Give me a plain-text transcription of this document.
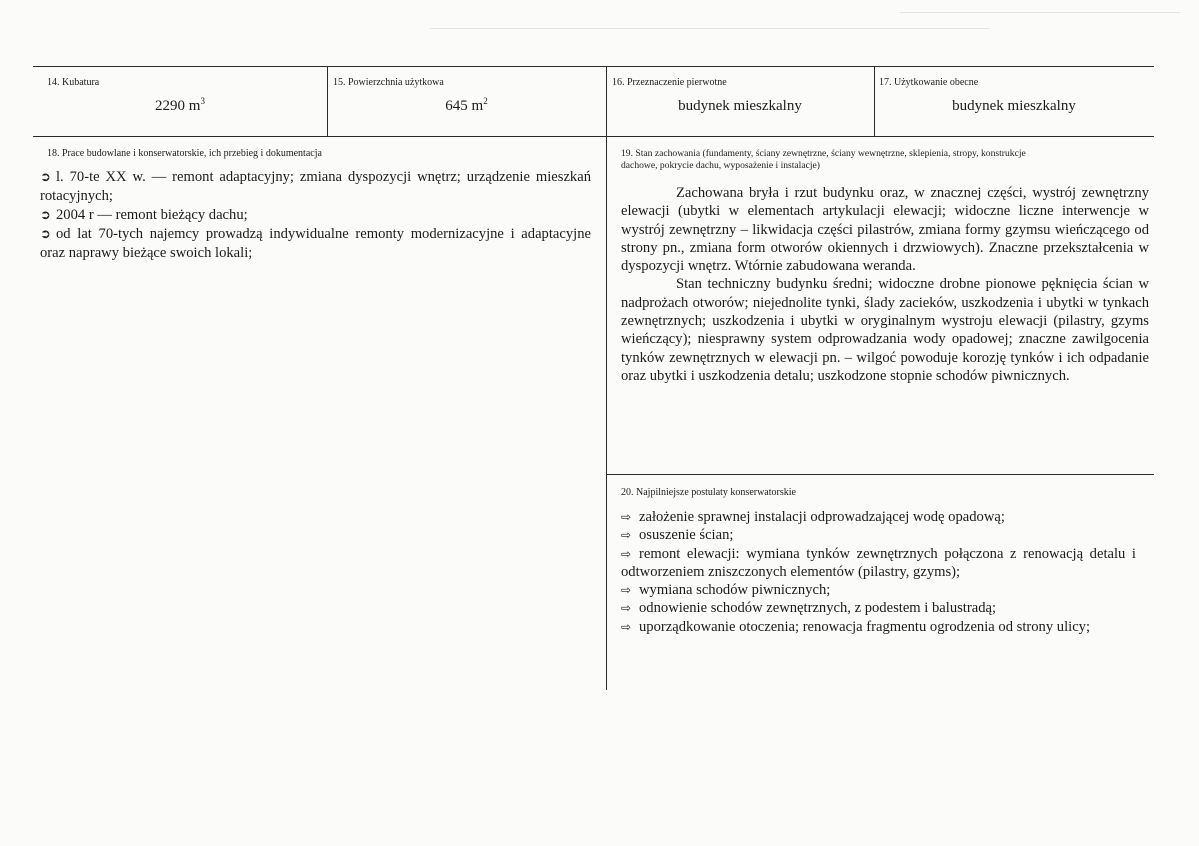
14. Kubatura
2290 $m^3$
15. Powierzchnia użytkowa
645 $m^2$
16. Przeznaczenie pierwotne
budynek mieszkalny
17. Użytkowanie obecne
budynek mieszkalny
18. Prace budowlane i konserwatorskie, ich przebieg i dokumentacja

➲ l. 70-te XX w. — remont adaptacyjny; zmiana dyspozycji wnętrz; urządzenie mieszkań rotacyjnych;

➲ 2004 r — remont bieżący dachu;

➲ od lat 70-tych najemcy prowadzą indywidualne remonty modernizacyjne i adaptacyjne oraz naprawy bieżące swoich lokali;

19. Stan zachowania (fundamenty, ściany zewnętrzne, ściany wewnętrzne, sklepienia, stropy, konstrukcje
dachowe, pokrycie dachu, wyposażenie i instalacje)

Zachowana bryła i rzut budynku oraz, w znacznej części, wystrój zewnętrzny elewacji (ubytki w elementach artykulacji elewacji; widoczne liczne interwencje w wystrój zewnętrzny – likwidacja części pilastrów, zmiana formy gzymsu wieńczącego od strony pn., zmiana form otworów okiennych i drzwiowych). Znaczne przekształcenia w dyspozycji wnętrz. Wtórnie zabudowana weranda.

Stan techniczny budynku średni; widoczne drobne pionowe pęknięcia ścian w nadprożach otworów; niejednolite tynki, ślady zacieków, uszkodzenia i ubytki w tynkach zewnętrznych; uszkodzenia i ubytki w oryginalnym wystroju elewacji (pilastry, gzyms wieńczący); niesprawny system odprowadzania wody opadowej; znaczne zawilgocenia tynków zewnętrznych w elewacji pn. – wilgoć powoduje korozję tynków i ich odpadanie oraz ubytki i uszkodzenia detalu; uszkodzone stopnie schodów piwnicznych.

20. Najpilniejsze postulaty konserwatorskie

⇨ założenie sprawnej instalacji odprowadzającej wodę opadową;

⇨ osuszenie ścian;

⇨ remont elewacji: wymiana tynków zewnętrznych połączona z renowacją detalu i odtworzeniem zniszczonych elementów (pilastry, gzyms);

⇨ wymiana schodów piwnicznych;

⇨ odnowienie schodów zewnętrznych, z podestem i balustradą;

⇨ uporządkowanie otoczenia; renowacja fragmentu ogrodzenia od strony ulicy;
